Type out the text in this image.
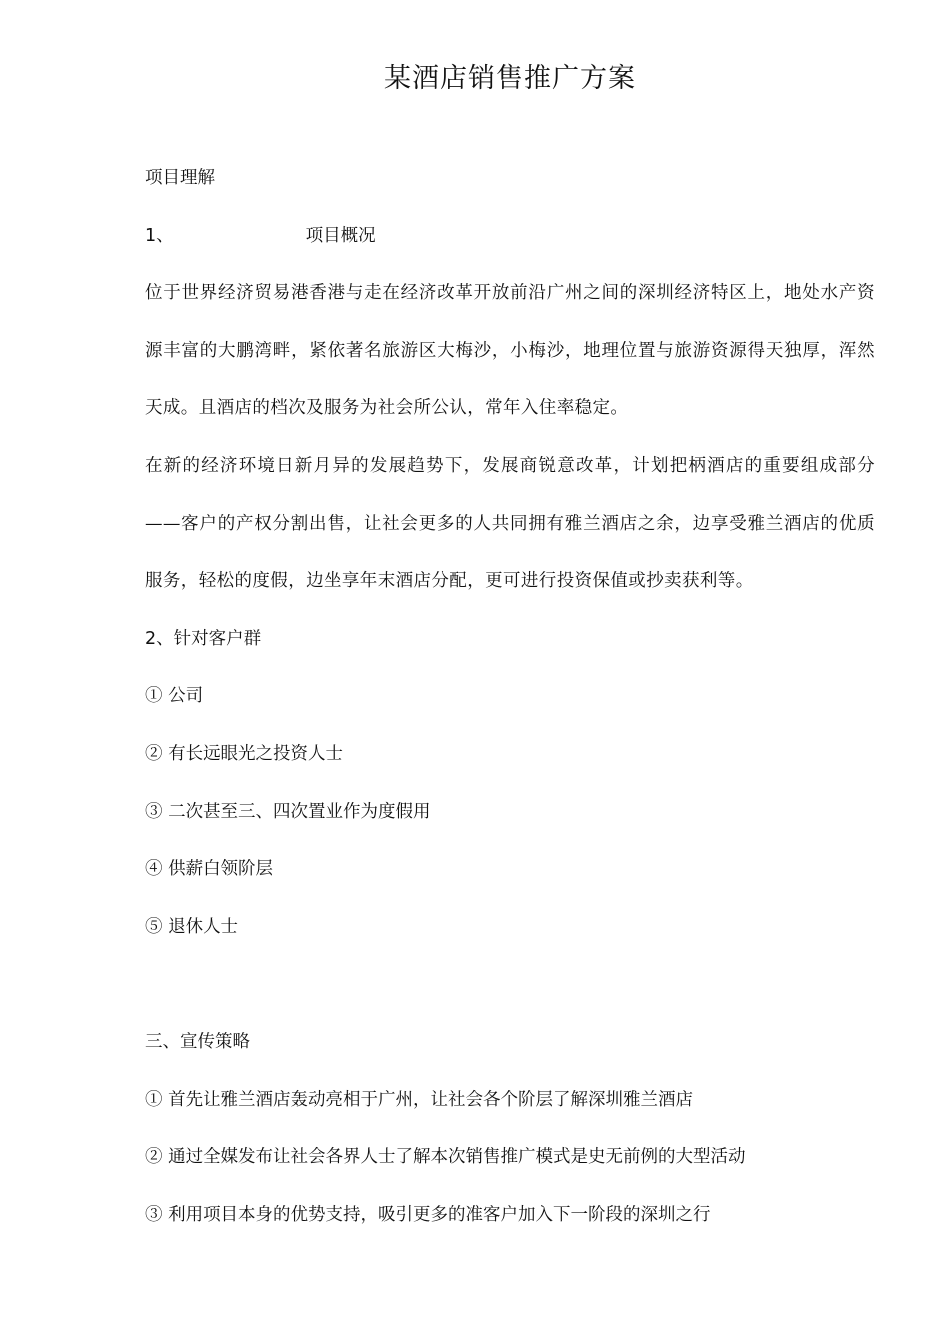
某酒店销售推广方案
项目理解
1、	项目概况
位于世界经济贸易港香港与走在经济改革开放前沿广州之间的深圳经济特区上，地处水产资源丰富的大鹏湾畔，紧依著名旅游区大梅沙，小梅沙，地理位置与旅游资源得天独厚，浑然天成。且酒店的档次及服务为社会所公认，常年入住率稳定。
在新的经济环境日新月异的发展趋势下，发展商锐意改革，计划把柄酒店的重要组成部分——客户的产权分割出售，让社会更多的人共同拥有雅兰酒店之余，边享受雅兰酒店的优质服务，轻松的度假，边坐享年末酒店分配，更可进行投资保值或抄卖获利等。
2、针对客户群
① 公司
② 有长远眼光之投资人士
③ 二次甚至三、四次置业作为度假用
④ 供薪白领阶层
⑤ 退休人士
三、宣传策略
① 首先让雅兰酒店轰动亮相于广州，让社会各个阶层了解深圳雅兰酒店
② 通过全媒发布让社会各界人士了解本次销售推广模式是史无前例的大型活动
③ 利用项目本身的优势支持，吸引更多的准客户加入下一阶段的深圳之行
